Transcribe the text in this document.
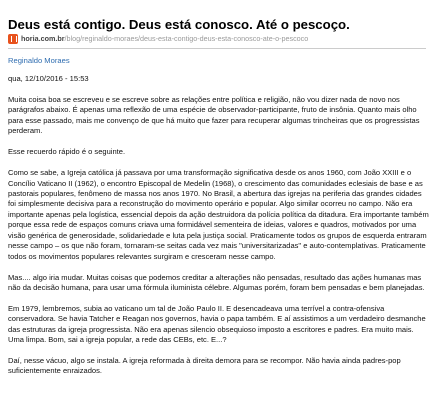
Deus está contigo. Deus está conosco. Até o pescoço.
horia.com.br /blog/reginaldo-moraes/deus-esta-contigo-deus-esta-conosco-ate-o-pescoco
Reginaldo Moraes
qua, 12/10/2016 - 15:53

Muita coisa boa se escreveu e se escreve sobre as relações entre política e religião, não vou dizer nada de novo nos parágrafos abaixo. É apenas uma reflexão de uma espécie de observador-participante, fruto de insônia. Quanto mais olho para esse passado, mais me convenço de que há muito que fazer para recuperar algumas trincheiras que os progressistas perderam.

Esse recuerdo rápido é o seguinte.

Como se sabe, a Igreja católica já passava por uma transformação significativa desde os anos 1960, com João XXIII e o Concílio Vaticano II (1962), o encontro Episcopal de Medelin (1968), o crescimento das comunidades eclesiais de base e as pastorais populares, fenômeno de massa nos anos 1970. No Brasil, a abertura das igrejas na periferia das grandes cidades foi simplesmente decisiva para a reconstrução do movimento operário e popular. Algo similar ocorreu no campo. Não era importante apenas pela logística, essencial depois da ação destruidora da polícia política da ditadura. Era importante também porque essa rede de espaços comuns criava uma formidável sementeira de ideias, valores e quadros, motivados por uma visão genérica de generosidade, solidariedade e luta pela justiça social. Praticamente todos os grupos de esquerda entraram nesse campo – os que não foram, tornaram-se seitas cada vez mais "universitarizadas" e auto-contemplativas. Praticamente todos os movimentos populares relevantes surgiram e cresceram nesse campo.

Mas.... algo iria mudar. Muitas coisas que podemos creditar a alterações não pensadas, resultado das ações humanas mas não da decisão humana, para usar uma fórmula iluminista célebre. Algumas porém, foram bem pensadas e bem planejadas.

Em 1979, lembremos, subia ao vaticano um tal de João Paulo II. E desencadeava uma terrível a contra-ofensiva conservadora. Se havia Tatcher e Reagan nos governos, havia o papa também. E aí assistimos a um verdadeiro desmanche das estruturas da igreja progressista. Não era apenas silencio obsequioso imposto a escritores e padres. Era muito mais. Uma limpa. Bom, sai a igreja popular, a rede das CEBs, etc. E...?

Daí, nesse vácuo, algo se instala. A igreja reformada à direita demora para se recompor. Não havia ainda padres-pop suficientemente enraizados.
